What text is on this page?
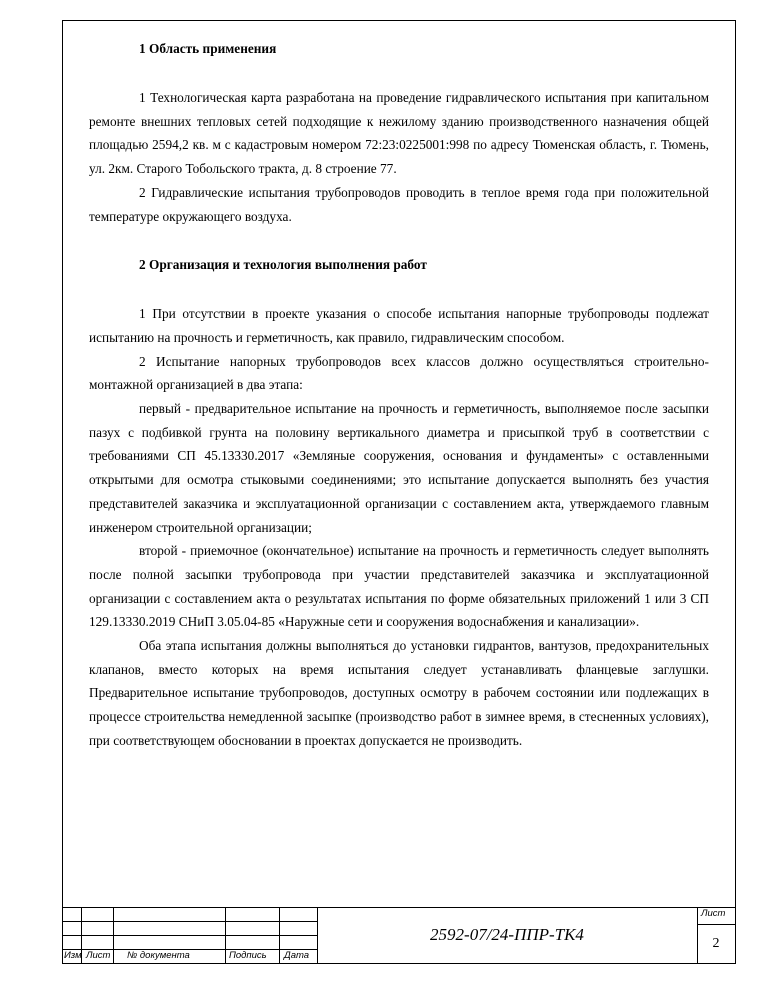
1 Область применения

1 Технологическая карта разработана на проведение гидравлического испытания при капитальном ремонте внешних тепловых сетей подходящие к нежилому зданию производственного назначения общей площадью 2594,2 кв. м с кадастровым номером 72:23:0225001:998 по адресу Тюменская область, г. Тюмень, ул. 2км. Старого Тобольского тракта, д. 8 строение 77.

2 Гидравлические испытания трубопроводов проводить в теплое время года при положительной температуре окружающего воздуха.

2 Организация и технология выполнения работ

1 При отсутствии в проекте указания о способе испытания напорные трубопроводы подлежат испытанию на прочность и герметичность, как правило, гидравлическим способом.

2 Испытание напорных трубопроводов всех классов должно осуществляться строительно-монтажной организацией в два этапа:

первый - предварительное испытание на прочность и герметичность, выполняемое после засыпки пазух с подбивкой грунта на половину вертикального диаметра и присыпкой труб в соответствии с требованиями СП 45.13330.2017 «Земляные сооружения, основания и фундаменты» с оставленными открытыми для осмотра стыковыми соединениями; это испытание допускается выполнять без участия представителей заказчика и эксплуатационной организации с составлением акта, утверждаемого главным инженером строительной организации;

второй - приемочное (окончательное) испытание на прочность и герметичность следует выполнять после полной засыпки трубопровода при участии представителей заказчика и эксплуатационной организации с составлением акта о результатах испытания по форме обязательных приложений 1 или 3 СП 129.13330.2019 СНиП 3.05.04-85 «Наружные сети и сооружения водоснабжения и канализации».

Оба этапа испытания должны выполняться до установки гидрантов, вантузов, предохранительных клапанов, вместо которых на время испытания следует устанавливать фланцевые заглушки. Предварительное испытание трубопроводов, доступных осмотру в рабочем состоянии или подлежащих в процессе строительства немедленной засыпке (производство работ в зимнее время, в стесненных условиях), при соответствующем обосновании в проектах допускается не производить.

Изм Лист № документа	Подпись Дата
2592-07/24-ППР-ТК4
Лист
2
